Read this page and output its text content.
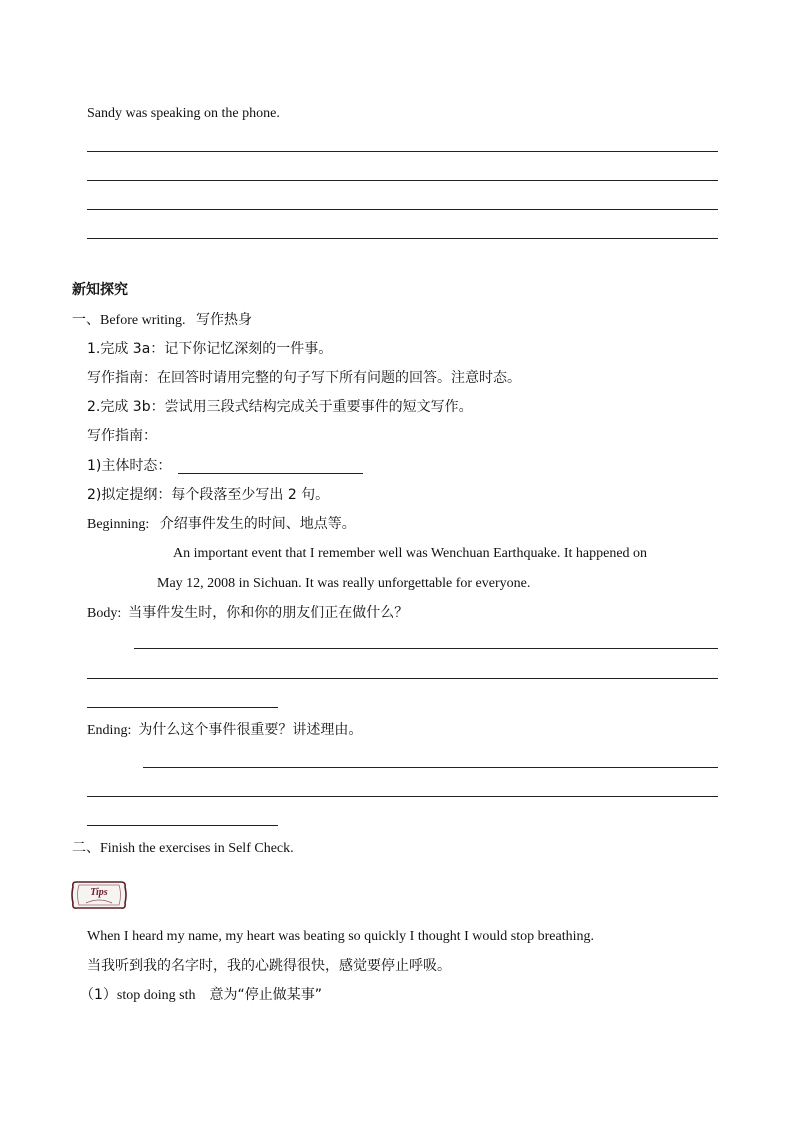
Sandy was speaking on the phone.
新知探究
一、Before writing. 写作热身
1.完成 3a：记下你记忆深刻的一件事。
写作指南：在回答时请用完整的句子写下所有问题的回答。注意时态。
2.完成 3b：尝试用三段式结构完成关于重要事件的短文写作。
写作指南：
1)主体时态：
2)拟定提纲：每个段落至少写出 2 句。
Beginning: 介绍事件发生的时间、地点等。
An important event that I remember well was Wenchuan Earthquake. It happened on
May 12, 2008 in Sichuan. It was really unforgettable for everyone.
Body: 当事件发生时，你和你的朋友们正在做什么？
Ending: 为什么这个事件很重要？讲述理由。
二、Finish the exercises in Self Check.
Tips
When I heard my name, my heart was beating so quickly I thought I would stop breathing.
当我听到我的名字时，我的心跳得很快，感觉要停止呼吸。
（1）stop doing sth 意为“停止做某事”
